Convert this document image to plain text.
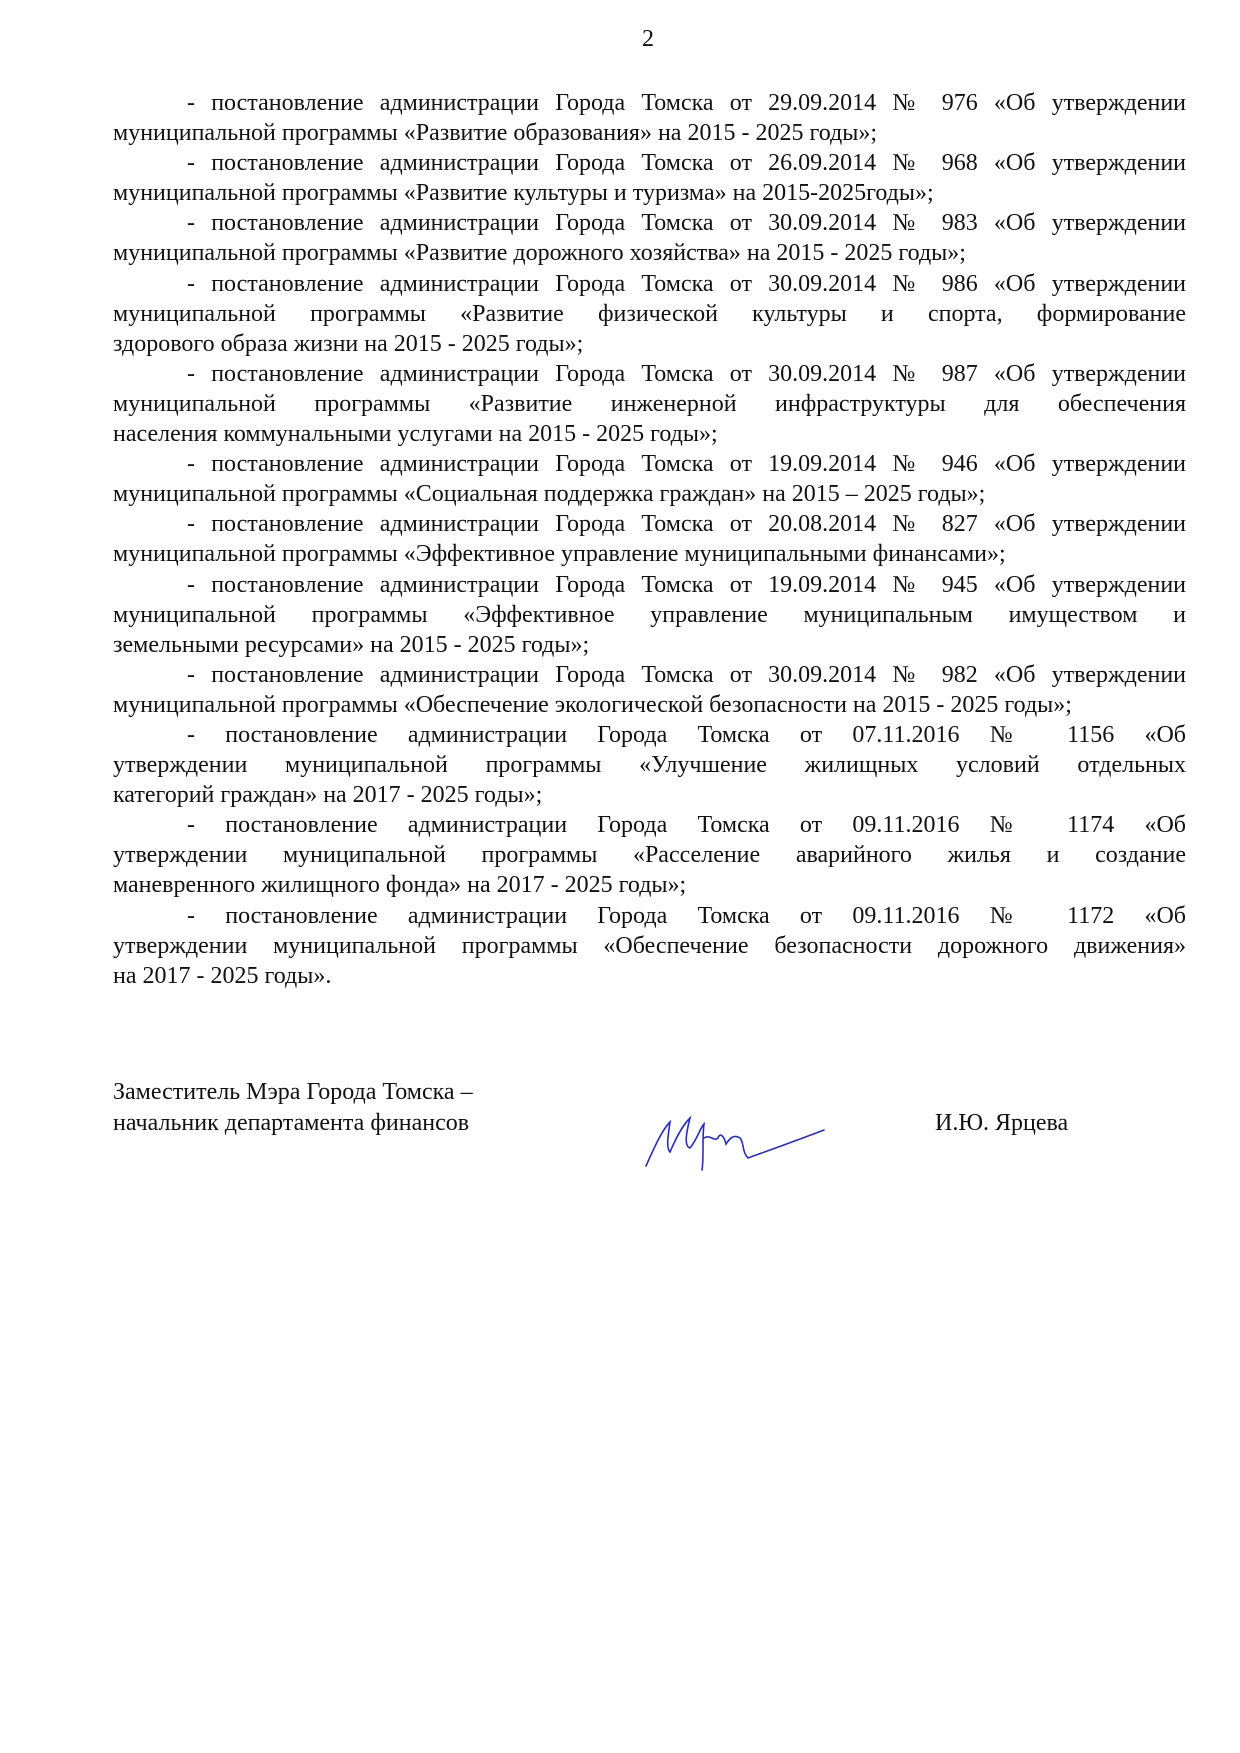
2
- постановление администрации Города Томска от 29.09.2014 № 976 «Об утверждении
муниципальной программы «Развитие образования» на 2015 - 2025 годы»;
- постановление администрации Города Томска от 26.09.2014 № 968 «Об утверждении
муниципальной программы «Развитие культуры и туризма» на 2015-2025годы»;
- постановление администрации Города Томска от 30.09.2014 № 983 «Об утверждении
муниципальной программы «Развитие дорожного хозяйства» на 2015 - 2025 годы»;
- постановление администрации Города Томска от 30.09.2014 № 986 «Об утверждении
муниципальной программы «Развитие физической культуры и спорта, формирование
здорового образа жизни на 2015 - 2025 годы»;
- постановление администрации Города Томска от 30.09.2014 № 987 «Об утверждении
муниципальной программы «Развитие инженерной инфраструктуры для обеспечения
населения коммунальными услугами на 2015 - 2025 годы»;
- постановление администрации Города Томска от 19.09.2014 № 946 «Об утверждении
муниципальной программы «Социальная поддержка граждан» на 2015 – 2025 годы»;
- постановление администрации Города Томска от 20.08.2014 № 827 «Об утверждении
муниципальной программы «Эффективное управление муниципальными финансами»;
- постановление администрации Города Томска от 19.09.2014 № 945 «Об утверждении
муниципальной программы «Эффективное управление муниципальным имуществом и
земельными ресурсами» на 2015 - 2025 годы»;
- постановление администрации Города Томска от 30.09.2014 № 982 «Об утверждении
муниципальной программы «Обеспечение экологической безопасности на 2015 - 2025 годы»;
- постановление администрации Города Томска от 07.11.2016 № 1156 «Об
утверждении муниципальной программы «Улучшение жилищных условий отдельных
категорий граждан» на 2017 - 2025 годы»;
- постановление администрации Города Томска от 09.11.2016 № 1174 «Об
утверждении муниципальной программы «Расселение аварийного жилья и создание
маневренного жилищного фонда» на 2017 - 2025 годы»;
- постановление администрации Города Томска от 09.11.2016 № 1172 «Об
утверждении муниципальной программы «Обеспечение безопасности дорожного движения»
на 2017 - 2025 годы».
Заместитель Мэра Города Томска –
начальник департамента финансов	И.Ю. Ярцева
